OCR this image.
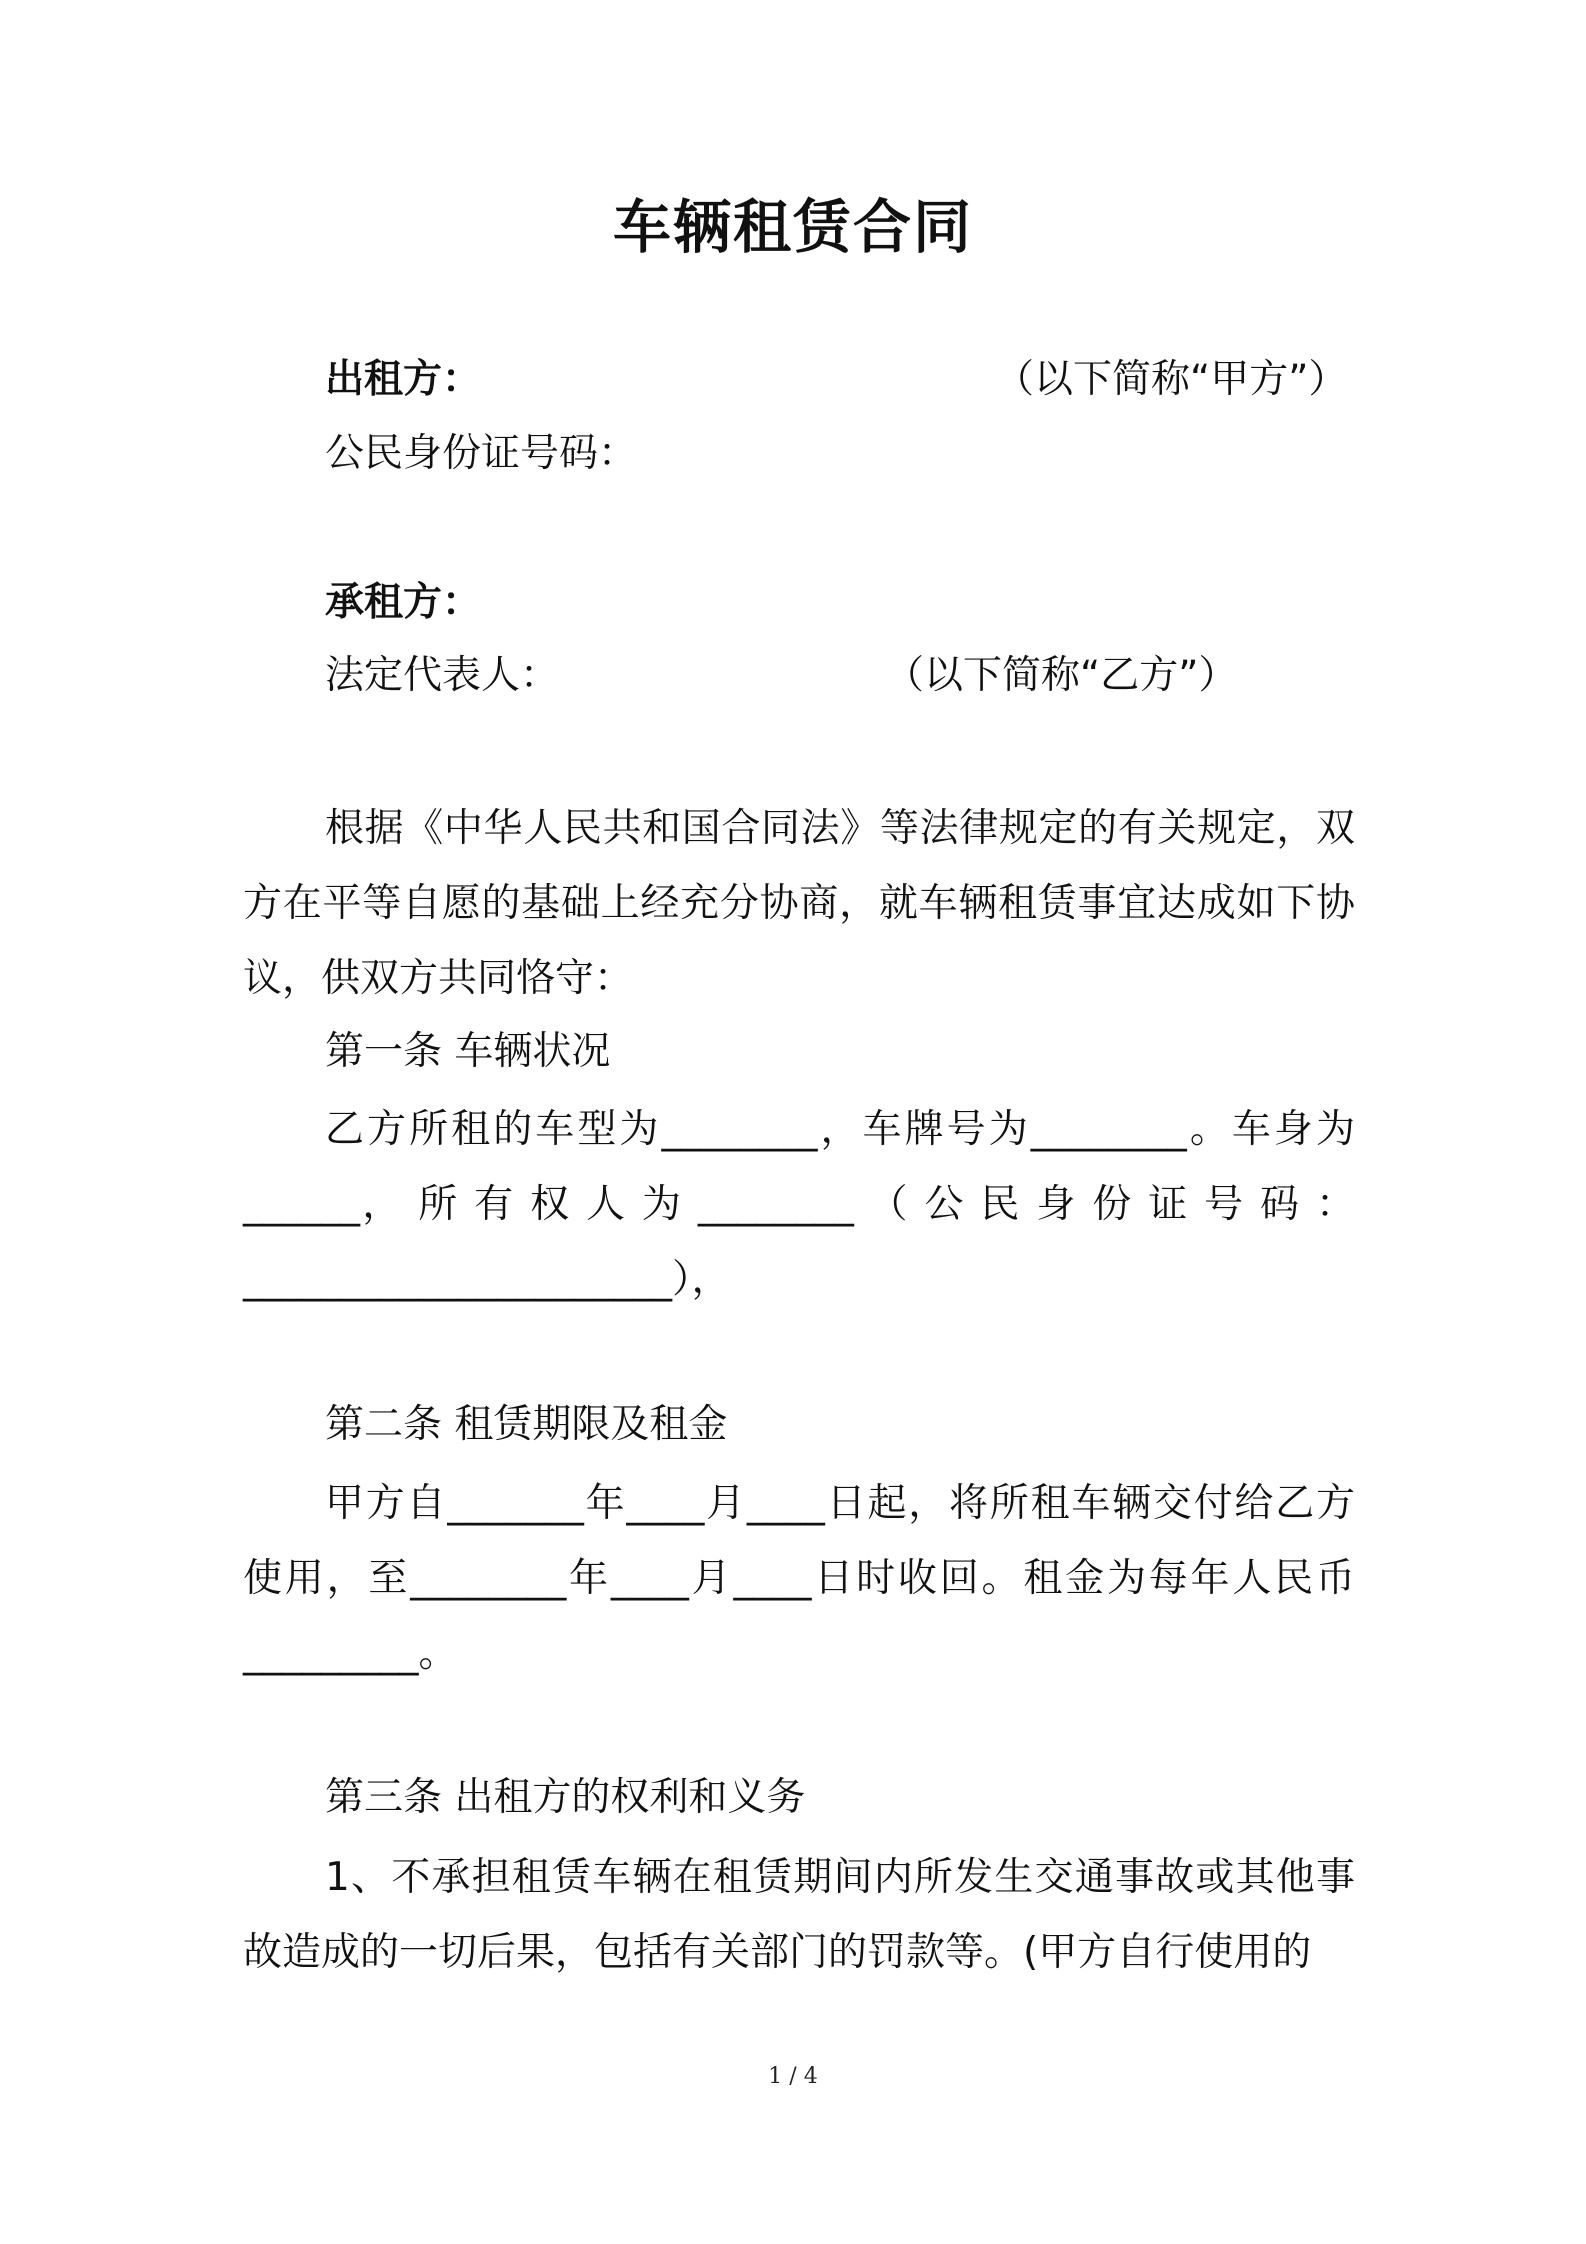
车辆租赁合同
出租方：	（以下简称“甲方”）
公民身份证号码：
承租方：
法定代表人：	（以下简称“乙方”）
根据《中华人民共和国合同法》等法律规定的有关规定，双方在平等自愿的基础上经充分协商，就车辆租赁事宜达成如下协议，供双方共同恪守：
第一条 车辆状况
乙方所租的车型为________，车牌号为________。车身为 ______， 所 有 权 人 为 ________ （ 公 民 身 份 证 号 码 ：______________________），
第二条 租赁期限及租金
甲方自_______年____月____日起，将所租车辆交付给乙方使用，至________年____月____日时收回。租金为每年人民币_________。
第三条 出租方的权利和义务
1、不承担租赁车辆在租赁期间内所发生交通事故或其他事故造成的一切后果，包括有关部门的罚款等。(甲方自行使用的
1 / 4
